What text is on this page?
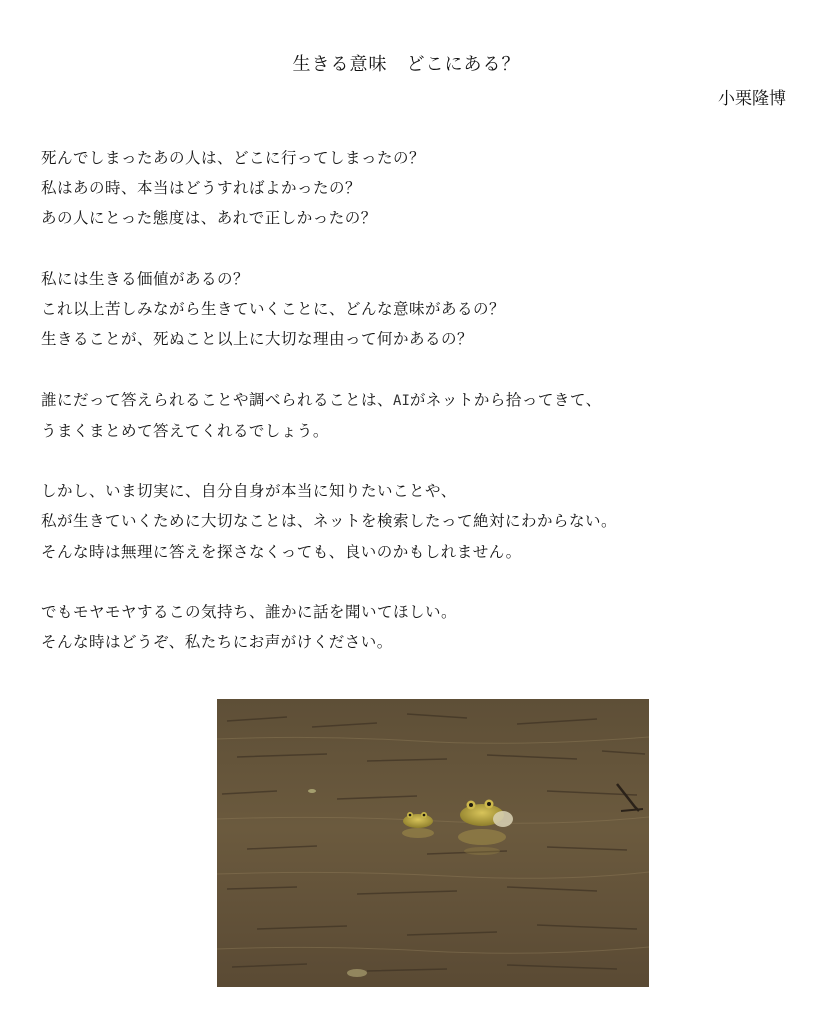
生きる意味　どこにある？
小栗隆博
死んでしまったあの人は、どこに行ってしまったの？
私はあの時、本当はどうすればよかったの？
あの人にとった態度は、あれで正しかったの？
私には生きる価値があるの？
これ以上苦しみながら生きていくことに、どんな意味があるの？
生きることが、死ぬこと以上に大切な理由って何かあるの？
誰にだって答えられることや調べられることは、AIがネットから拾ってきて、
うまくまとめて答えてくれるでしょう。
しかし、いま切実に、自分自身が本当に知りたいことや、
私が生きていくために大切なことは、ネットを検索したって絶対にわからない。
そんな時は無理に答えを探さなくっても、良いのかもしれません。
でもモヤモヤするこの気持ち、誰かに話を聞いてほしい。
そんな時はどうぞ、私たちにお声がけください。
